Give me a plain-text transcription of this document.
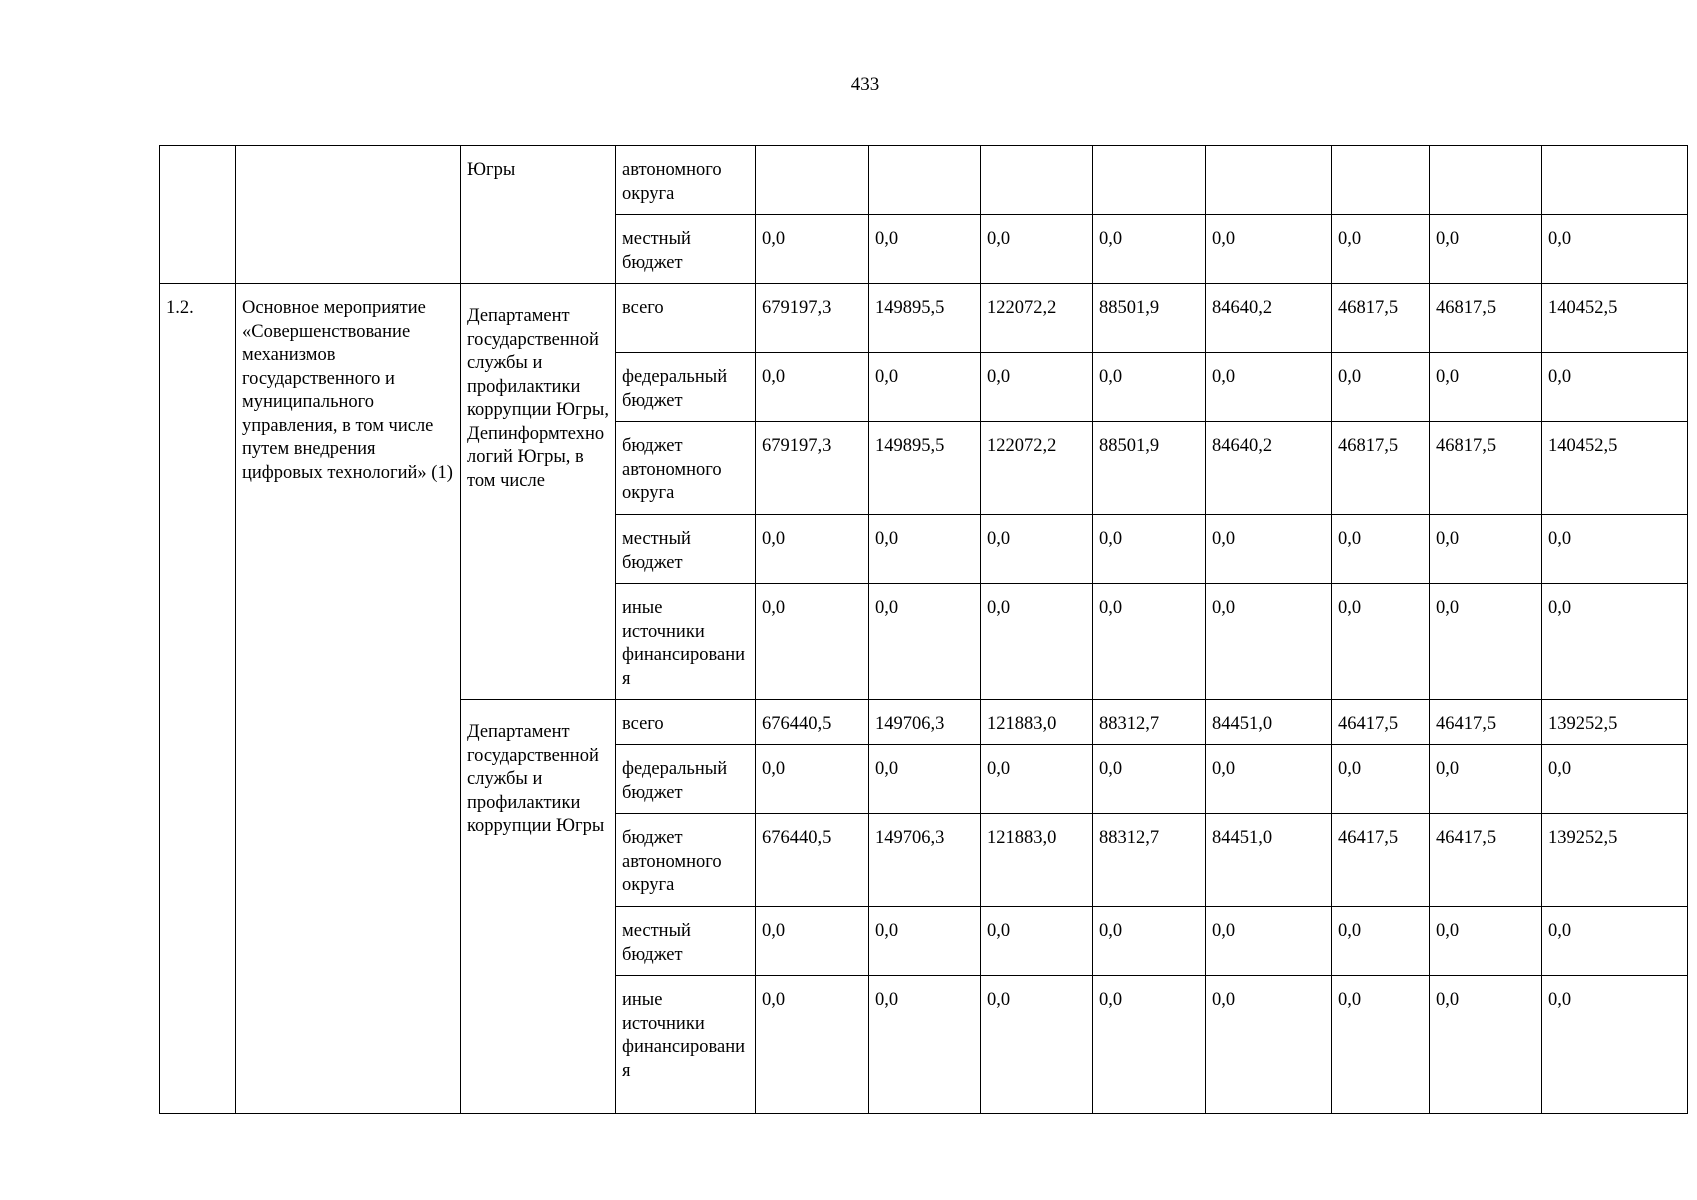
433
		Югры	автономного округа								
			местный бюджет	0,0	0,0	0,0	0,0	0,0	0,0	0,0	0,0
1.2.	Основное мероприятие «Совершенствование механизмов государственного и муниципального управления, в том числе путем внедрения цифровых технологий» (1)	Департамент государственной службы и профилактики коррупции Югры, Депинформтехнологий Югры, в том числе	всего	679197,3	149895,5	122072,2	88501,9	84640,2	46817,5	46817,5	140452,5
			федеральный бюджет	0,0	0,0	0,0	0,0	0,0	0,0	0,0	0,0
			бюджет автономного округа	679197,3	149895,5	122072,2	88501,9	84640,2	46817,5	46817,5	140452,5
			местный бюджет	0,0	0,0	0,0	0,0	0,0	0,0	0,0	0,0
			иные источники финансирования	0,0	0,0	0,0	0,0	0,0	0,0	0,0	0,0
		Департамент государственной службы и профилактики коррупции Югры	всего	676440,5	149706,3	121883,0	88312,7	84451,0	46417,5	46417,5	139252,5
			федеральный бюджет	0,0	0,0	0,0	0,0	0,0	0,0	0,0	0,0
			бюджет автономного округа	676440,5	149706,3	121883,0	88312,7	84451,0	46417,5	46417,5	139252,5
			местный бюджет	0,0	0,0	0,0	0,0	0,0	0,0	0,0	0,0
			иные источники финансирования	0,0	0,0	0,0	0,0	0,0	0,0	0,0	0,0
